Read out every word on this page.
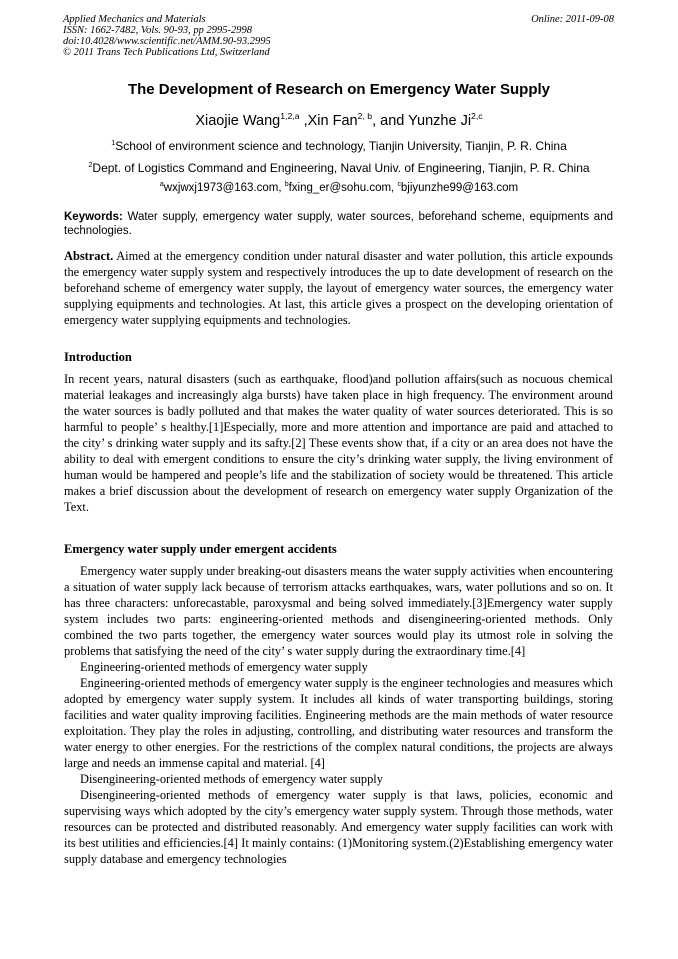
Applied Mechanics and Materials
ISSN: 1662-7482, Vols. 90-93, pp 2995-2998
doi:10.4028/www.scientific.net/AMM.90-93.2995
© 2011 Trans Tech Publications Ltd, Switzerland
Online: 2011-09-08
The Development of Research on Emergency Water Supply
Xiaojie Wang$^{1,2,a}$ ,Xin Fan$^{2, b}$, and Yunzhe Ji$^{2,c}$
$^1$School of environment science and technology, Tianjin University, Tianjin, P. R. China
$^2$Dept. of Logistics Command and Engineering, Naval Univ. of Engineering, Tianjin, P. R. China
$^a$wxjwxj1973@163.com, $^b$fxing_er@sohu.com, $^c$bjiyunzhe99@163.com
Keywords: Water supply, emergency water supply, water sources, beforehand scheme, equipments and technologies.
Abstract. Aimed at the emergency condition under natural disaster and water pollution, this article expounds the emergency water supply system and respectively introduces the up to date development of research on the beforehand scheme of emergency water supply, the layout of emergency water sources, the emergency water supplying equipments and technologies. At last, this article gives a prospect on the developing orientation of emergency water supplying equipments and technologies.
Introduction

In recent years, natural disasters (such as earthquake, flood)and pollution affairs(such as nocuous chemical material leakages and increasingly alga bursts) have taken place in high frequency. The environment around the water sources is badly polluted and that makes the water quality of water sources deteriorated. This is so harmful to people’ s healthy.[1]Especially, more and more attention and importance are paid and attached to the city’ s drinking water supply and its safty.[2] These events show that, if a city or an area does not have the ability to deal with emergent conditions to ensure the city’s drinking water supply, the living environment of human would be hampered and people’s life and the stabilization of society would be threatened. This article makes a brief discussion about the development of research on emergency water supply Organization of the Text.

Emergency water supply under emergent accidents

Emergency water supply under breaking-out disasters means the water supply activities when encountering a situation of water supply lack because of terrorism attacks earthquakes, wars, water pollutions and so on. It has three characters: unforecastable, paroxysmal and being solved immediately.[3]Emergency water supply system includes two parts: engineering-oriented methods and disengineering-oriented methods. Only combined the two parts together, the emergency water sources would play its utmost role in solving the problems that satisfying the need of the city’ s water supply during the extraordinary time.[4]

Engineering-oriented methods of emergency water supply

Engineering-oriented methods of emergency water supply is the engineer technologies and measures which adopted by emergency water supply system. It includes all kinds of water transporting buildings, storing facilities and water quality improving facilities. Engineering methods are the main methods of water resource exploitation. They play the roles in adjusting, controlling, and distributing water resources and transform the water energy to other energies. For the restrictions of the complex natural conditions, the projects are always large and needs an immense capital and material. [4]

Disengineering-oriented methods of emergency water supply

Disengineering-oriented methods of emergency water supply is that laws, policies, economic and supervising ways which adopted by the city’s emergency water supply system. Through those methods, water resources can be protected and distributed reasonably. And emergency water supply facilities can work with its best utilities and efficiencies.[4] It mainly contains: (1)Monitoring system.(2)Establishing emergency water supply database and emergency technologies
